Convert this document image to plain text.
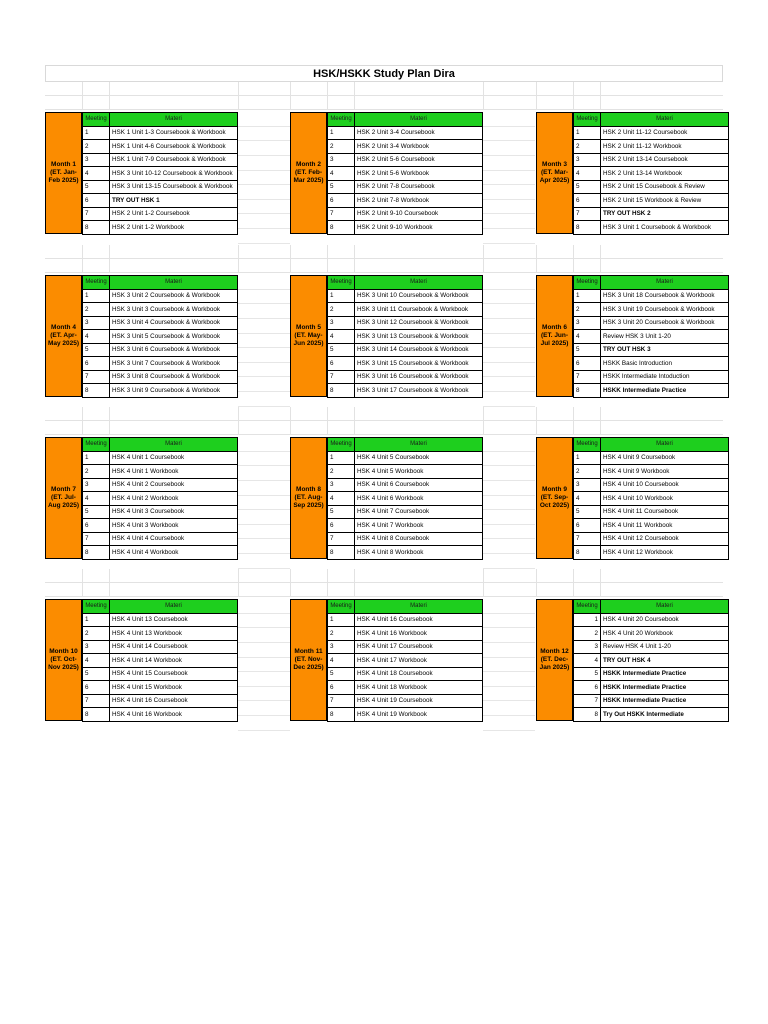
HSK/HSKK Study Plan Dira
Month 1 (ET. Jan-Feb 2025)
Meeting	Materi
1	HSK 1 Unit 1-3 Coursebook & Workbook
2	HSK 1 Unit 4-6 Coursebook & Workbook
3	HSK 1 Unit 7-9 Coursebook & Workbook
4	HSK 3 Unit 10-12 Coursebook & Workbook
5	HSK 3 Unit 13-15 Coursebook & Workbook
6	TRY OUT HSK 1
7	HSK 2 Unit 1-2 Coursebook
8	HSK 2 Unit 1-2 Workbook
Month 2 (ET. Feb-Mar 2025)
Meeting	Materi
1	HSK 2 Unit 3-4 Coursebook
2	HSK 2 Unit 3-4 Workbook
3	HSK 2 Unit 5-6 Coursebook
4	HSK 2 Unit 5-6 Workbook
5	HSK 2 Unit 7-8 Coursebook
6	HSK 2 Unit 7-8 Workbook
7	HSK 2 Unit 9-10 Coursebook
8	HSK 2 Unit 9-10 Workbook
Month 3 (ET. Mar-Apr 2025)
Meeting	Materi
1	HSK 2 Unit 11-12 Coursebook
2	HSK 2 Unit 11-12 Workbook
3	HSK 2 Unit 13-14 Coursebook
4	HSK 2 Unit 13-14 Workbook
5	HSK 2 Unit 15 Cousebook & Review
6	HSK 2 Unit 15 Workbook & Review
7	TRY OUT HSK 2
8	HSK 3 Unit 1 Coursebook & Workbook
Month 4 (ET. Apr-May 2025)
Meeting	Materi
1	HSK 3 Unit 2 Coursebook & Workbook
2	HSK 3 Unit 3 Coursebook & Workbook
3	HSK 3 Unit 4 Coursebook & Workbook
4	HSK 3 Unit 5 Coursebook & Workbook
5	HSK 3 Unit 6 Coursebook & Workbook
6	HSK 3 Unit 7 Coursebook & Workbook
7	HSK 3 Unit 8 Coursebook & Workbook
8	HSK 3 Unit 9 Coursebook & Workbook
Month 5 (ET. May-Jun 2025)
Meeting	Materi
1	HSK 3 Unit 10 Coursebook & Workbook
2	HSK 3 Unit 11 Coursebook & Workbook
3	HSK 3 Unit 12 Coursebook & Workbook
4	HSK 3 Unit 13 Coursebook & Workbook
5	HSK 3 Unit 14 Coursebook & Workbook
6	HSK 3 Unit 15 Coursebook & Workbook
7	HSK 3 Unit 16 Coursebook & Workbook
8	HSK 3 Unit 17 Coursebook & Workbook
Month 6 (ET. Jun-Jul 2025)
Meeting	Materi
1	HSK 3 Unit 18 Coursebook & Workbook
2	HSK 3 Unit 19 Coursebook & Workbook
3	HSK 3 Unit 20 Coursebook & Workbook
4	Review HSK 3 Unit 1-20
5	TRY OUT HSK 3
6	HSKK Basic Introduction
7	HSKK Intermediate Intoduction
8	HSKK Intermediate Practice
Month 7 (ET. Jul-Aug 2025)
Meeting	Materi
1	HSK 4 Unit 1 Coursebook
2	HSK 4 Unit 1 Workbook
3	HSK 4 Unit 2 Coursebook
4	HSK 4 Unit 2 Workbook
5	HSK 4 Unit 3 Coursebook
6	HSK 4 Unit 3 Workbook
7	HSK 4 Unit 4 Coursebook
8	HSK 4 Unit 4 Workbook
Month 8 (ET. Aug-Sep 2025)
Meeting	Materi
1	HSK 4 Unit 5 Coursebook
2	HSK 4 Unit 5 Workbook
3	HSK 4 Unit 6 Coursebook
4	HSK 4 Unit 6 Workbook
5	HSK 4 Unit 7 Coursebook
6	HSK 4 Unit 7 Workbook
7	HSK 4 Unit 8 Coursebook
8	HSK 4 Unit 8 Workbook
Month 9 (ET. Sep-Oct 2025)
Meeting	Materi
1	HSK 4 Unit 9 Coursebook
2	HSK 4 Unit 9 Workbook
3	HSK 4 Unit 10 Coursebook
4	HSK 4 Unit 10 Workbook
5	HSK 4 Unit 11 Coursebook
6	HSK 4 Unit 11 Workbook
7	HSK 4 Unit 12 Coursebook
8	HSK 4 Unit 12 Workbook
Month 10 (ET. Oct-Nov 2025)
Meeting	Materi
1	HSK 4 Unit 13 Coursebook
2	HSK 4 Unit 13 Workbook
3	HSK 4 Unit 14 Coursebook
4	HSK 4 Unit 14 Workbook
5	HSK 4 Unit 15 Coursebook
6	HSK 4 Unit 15 Workbook
7	HSK 4 Unit 16 Coursebook
8	HSK 4 Unit 16 Workbook
Month 11 (ET. Nov-Dec 2025)
Meeting	Materi
1	HSK 4 Unit 16 Coursebook
2	HSK 4 Unit 16 Workbook
3	HSK 4 Unit 17 Coursebook
4	HSK 4 Unit 17 Workbook
5	HSK 4 Unit 18 Coursebook
6	HSK 4 Unit 18 Workbook
7	HSK 4 Unit 19 Coursebook
8	HSK 4 Unit 19 Workbook
Month 12 (ET. Dec-Jan 2025)
Meeting	Materi
1	HSK 4 Unit 20 Coursebook
2	HSK 4 Unit 20 Workbook
3	Review HSK 4 Unit 1-20
4	TRY OUT HSK 4
5	HSKK Intermediate Practice
6	HSKK Intermediate Practice
7	HSKK Intermediate Practice
8	Try Out HSKK Intermediate
